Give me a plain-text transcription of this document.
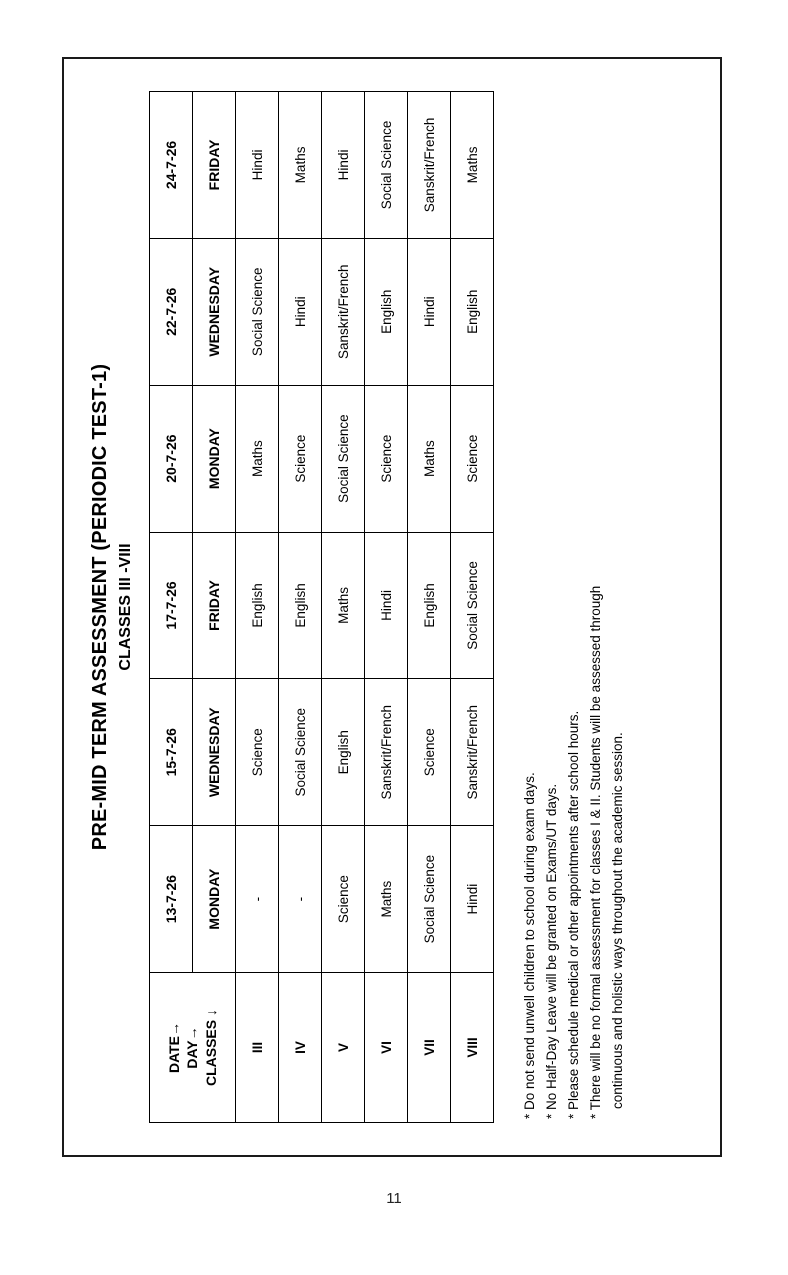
PRE-MID TERM ASSESSMENT (PERIODIC TEST-1) CLASSES III -VIII
DATE→ DAY→ CLASSES ↓	13-7-26	15-7-26	17-7-26	20-7-26	22-7-26	24-7-26
	MONDAY	WEDNESDAY	FRIDAY	MONDAY	WEDNESDAY	FRIDAY
III	-	Science	English	Maths	Social Science	Hindi
IV	-	Social Science	English	Science	Hindi	Maths
V	Science	English	Maths	Social Science	Sanskrit/French	Hindi
VI	Maths	Sanskrit/French	Hindi	Science	English	Social Science
VII	Social Science	Science	English	Maths	Hindi	Sanskrit/French
VIII	Hindi	Sanskrit/French	Social Science	Science	English	Maths

* Do not send unwell children to school during exam days. * No Half-Day Leave will be granted on Exams/UT days. * Please schedule medical or other appointments after school hours. * There will be no formal assessment for classes I & II. Students will be assessed through continuous and holistic ways throughout the academic session.

11
